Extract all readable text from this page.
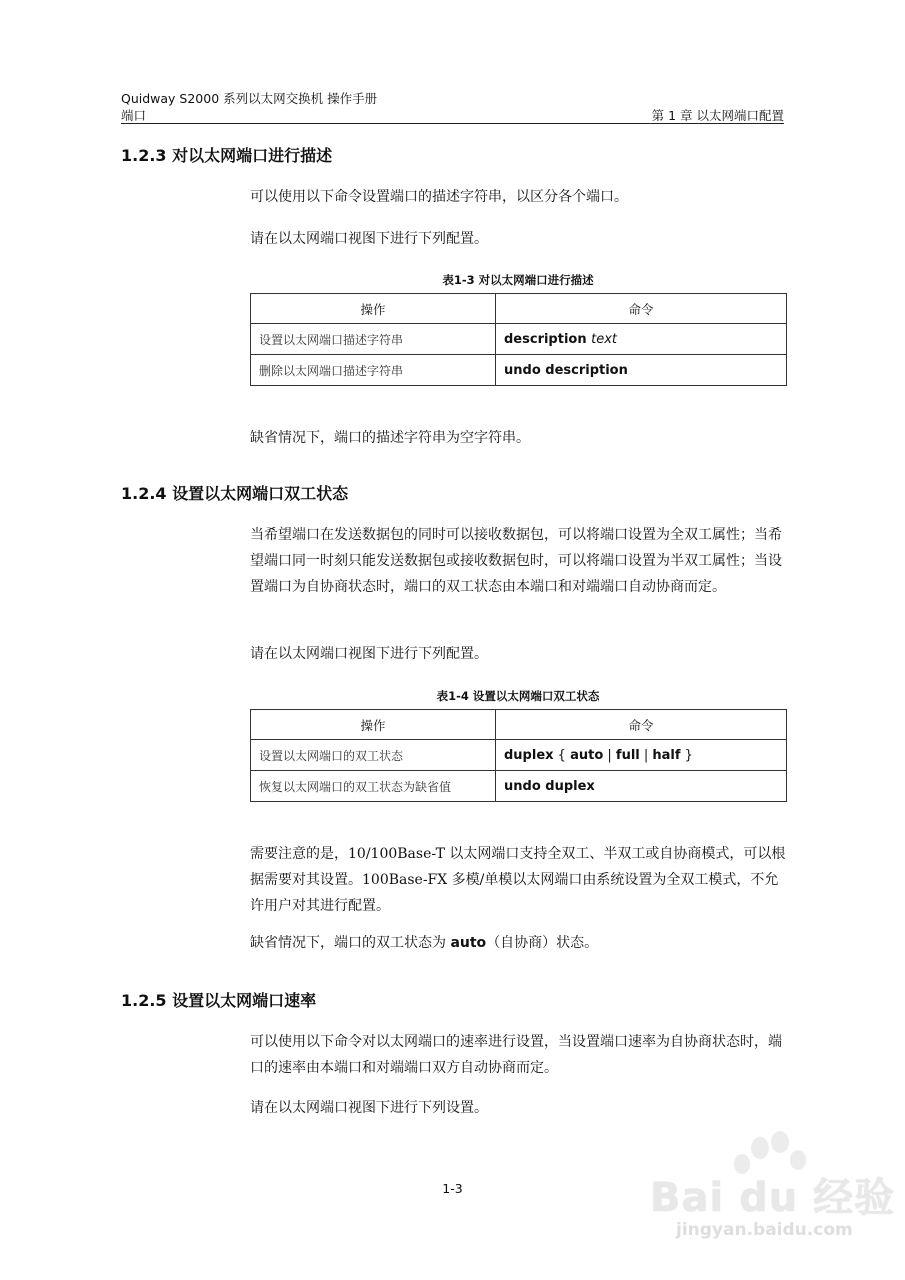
Quidway S2000 系列以太网交换机 操作手册
端口	第 1 章 以太网端口配置
1.2.3 对以太网端口进行描述
可以使用以下命令设置端口的描述字符串，以区分各个端口。
请在以太网端口视图下进行下列配置。
表1-3 对以太网端口进行描述
操作	命令
设置以太网端口描述字符串	description text
删除以太网端口描述字符串	undo description
缺省情况下，端口的描述字符串为空字符串。
1.2.4 设置以太网端口双工状态
当希望端口在发送数据包的同时可以接收数据包，可以将端口设置为全双工属性；当希望端口同一时刻只能发送数据包或接收数据包时，可以将端口设置为半双工属性；当设置端口为自协商状态时，端口的双工状态由本端口和对端端口自动协商而定。
请在以太网端口视图下进行下列配置。
表1-4 设置以太网端口双工状态
操作	命令
设置以太网端口的双工状态	duplex { auto | full | half }
恢复以太网端口的双工状态为缺省值	undo duplex
需要注意的是，10/100Base-T 以太网端口支持全双工、半双工或自协商模式，可以根据需要对其设置。100Base-FX 多模/单模以太网端口由系统设置为全双工模式，不允许用户对其进行配置。
缺省情况下，端口的双工状态为 auto（自协商）状态。
1.2.5 设置以太网端口速率
可以使用以下命令对以太网端口的速率进行设置，当设置端口速率为自协商状态时，端口的速率由本端口和对端端口双方自动协商而定。
请在以太网端口视图下进行下列设置。
1-3	Bai du 经验
jingyan.baidu.com
